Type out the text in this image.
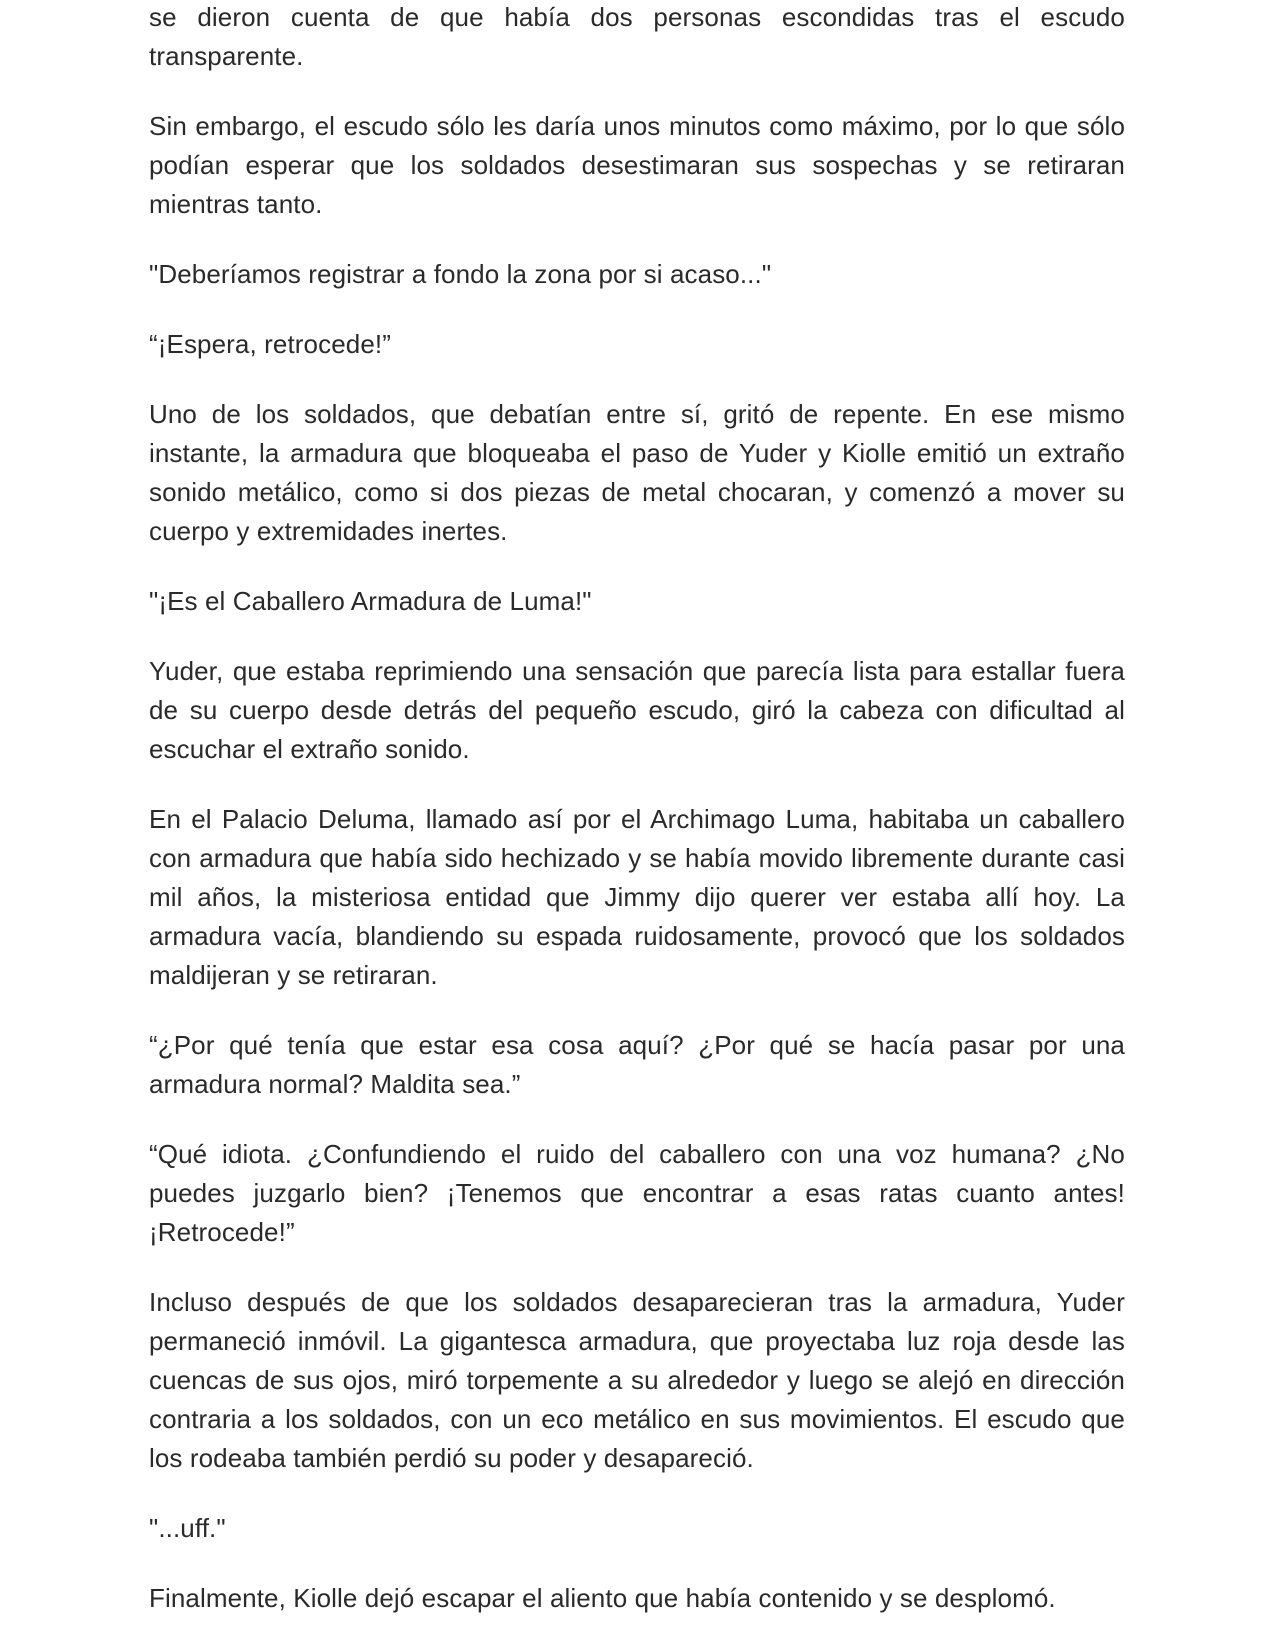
se dieron cuenta de que había dos personas escondidas tras el escudo transparente.

Sin embargo, el escudo sólo les daría unos minutos como máximo, por lo que sólo podían esperar que los soldados desestimaran sus sospechas y se retiraran mientras tanto.

"Deberíamos registrar a fondo la zona por si acaso..."

“¡Espera, retrocede!”

Uno de los soldados, que debatían entre sí, gritó de repente. En ese mismo instante, la armadura que bloqueaba el paso de Yuder y Kiolle emitió un extraño sonido metálico, como si dos piezas de metal chocaran, y comenzó a mover su cuerpo y extremidades inertes.

"¡Es el Caballero Armadura de Luma!"

Yuder, que estaba reprimiendo una sensación que parecía lista para estallar fuera de su cuerpo desde detrás del pequeño escudo, giró la cabeza con dificultad al escuchar el extraño sonido.

En el Palacio Deluma, llamado así por el Archimago Luma, habitaba un caballero con armadura que había sido hechizado y se había movido libremente durante casi mil años, la misteriosa entidad que Jimmy dijo querer ver estaba allí hoy. La armadura vacía, blandiendo su espada ruidosamente, provocó que los soldados maldijeran y se retiraran.

“¿Por qué tenía que estar esa cosa aquí? ¿Por qué se hacía pasar por una armadura normal? Maldita sea.”

“Qué idiota. ¿Confundiendo el ruido del caballero con una voz humana? ¿No puedes juzgarlo bien? ¡Tenemos que encontrar a esas ratas cuanto antes! ¡Retrocede!”

Incluso después de que los soldados desaparecieran tras la armadura, Yuder permaneció inmóvil. La gigantesca armadura, que proyectaba luz roja desde las cuencas de sus ojos, miró torpemente a su alrededor y luego se alejó en dirección contraria a los soldados, con un eco metálico en sus movimientos. El escudo que los rodeaba también perdió su poder y desapareció.

"...uff."

Finalmente, Kiolle dejó escapar el aliento que había contenido y se desplomó.
